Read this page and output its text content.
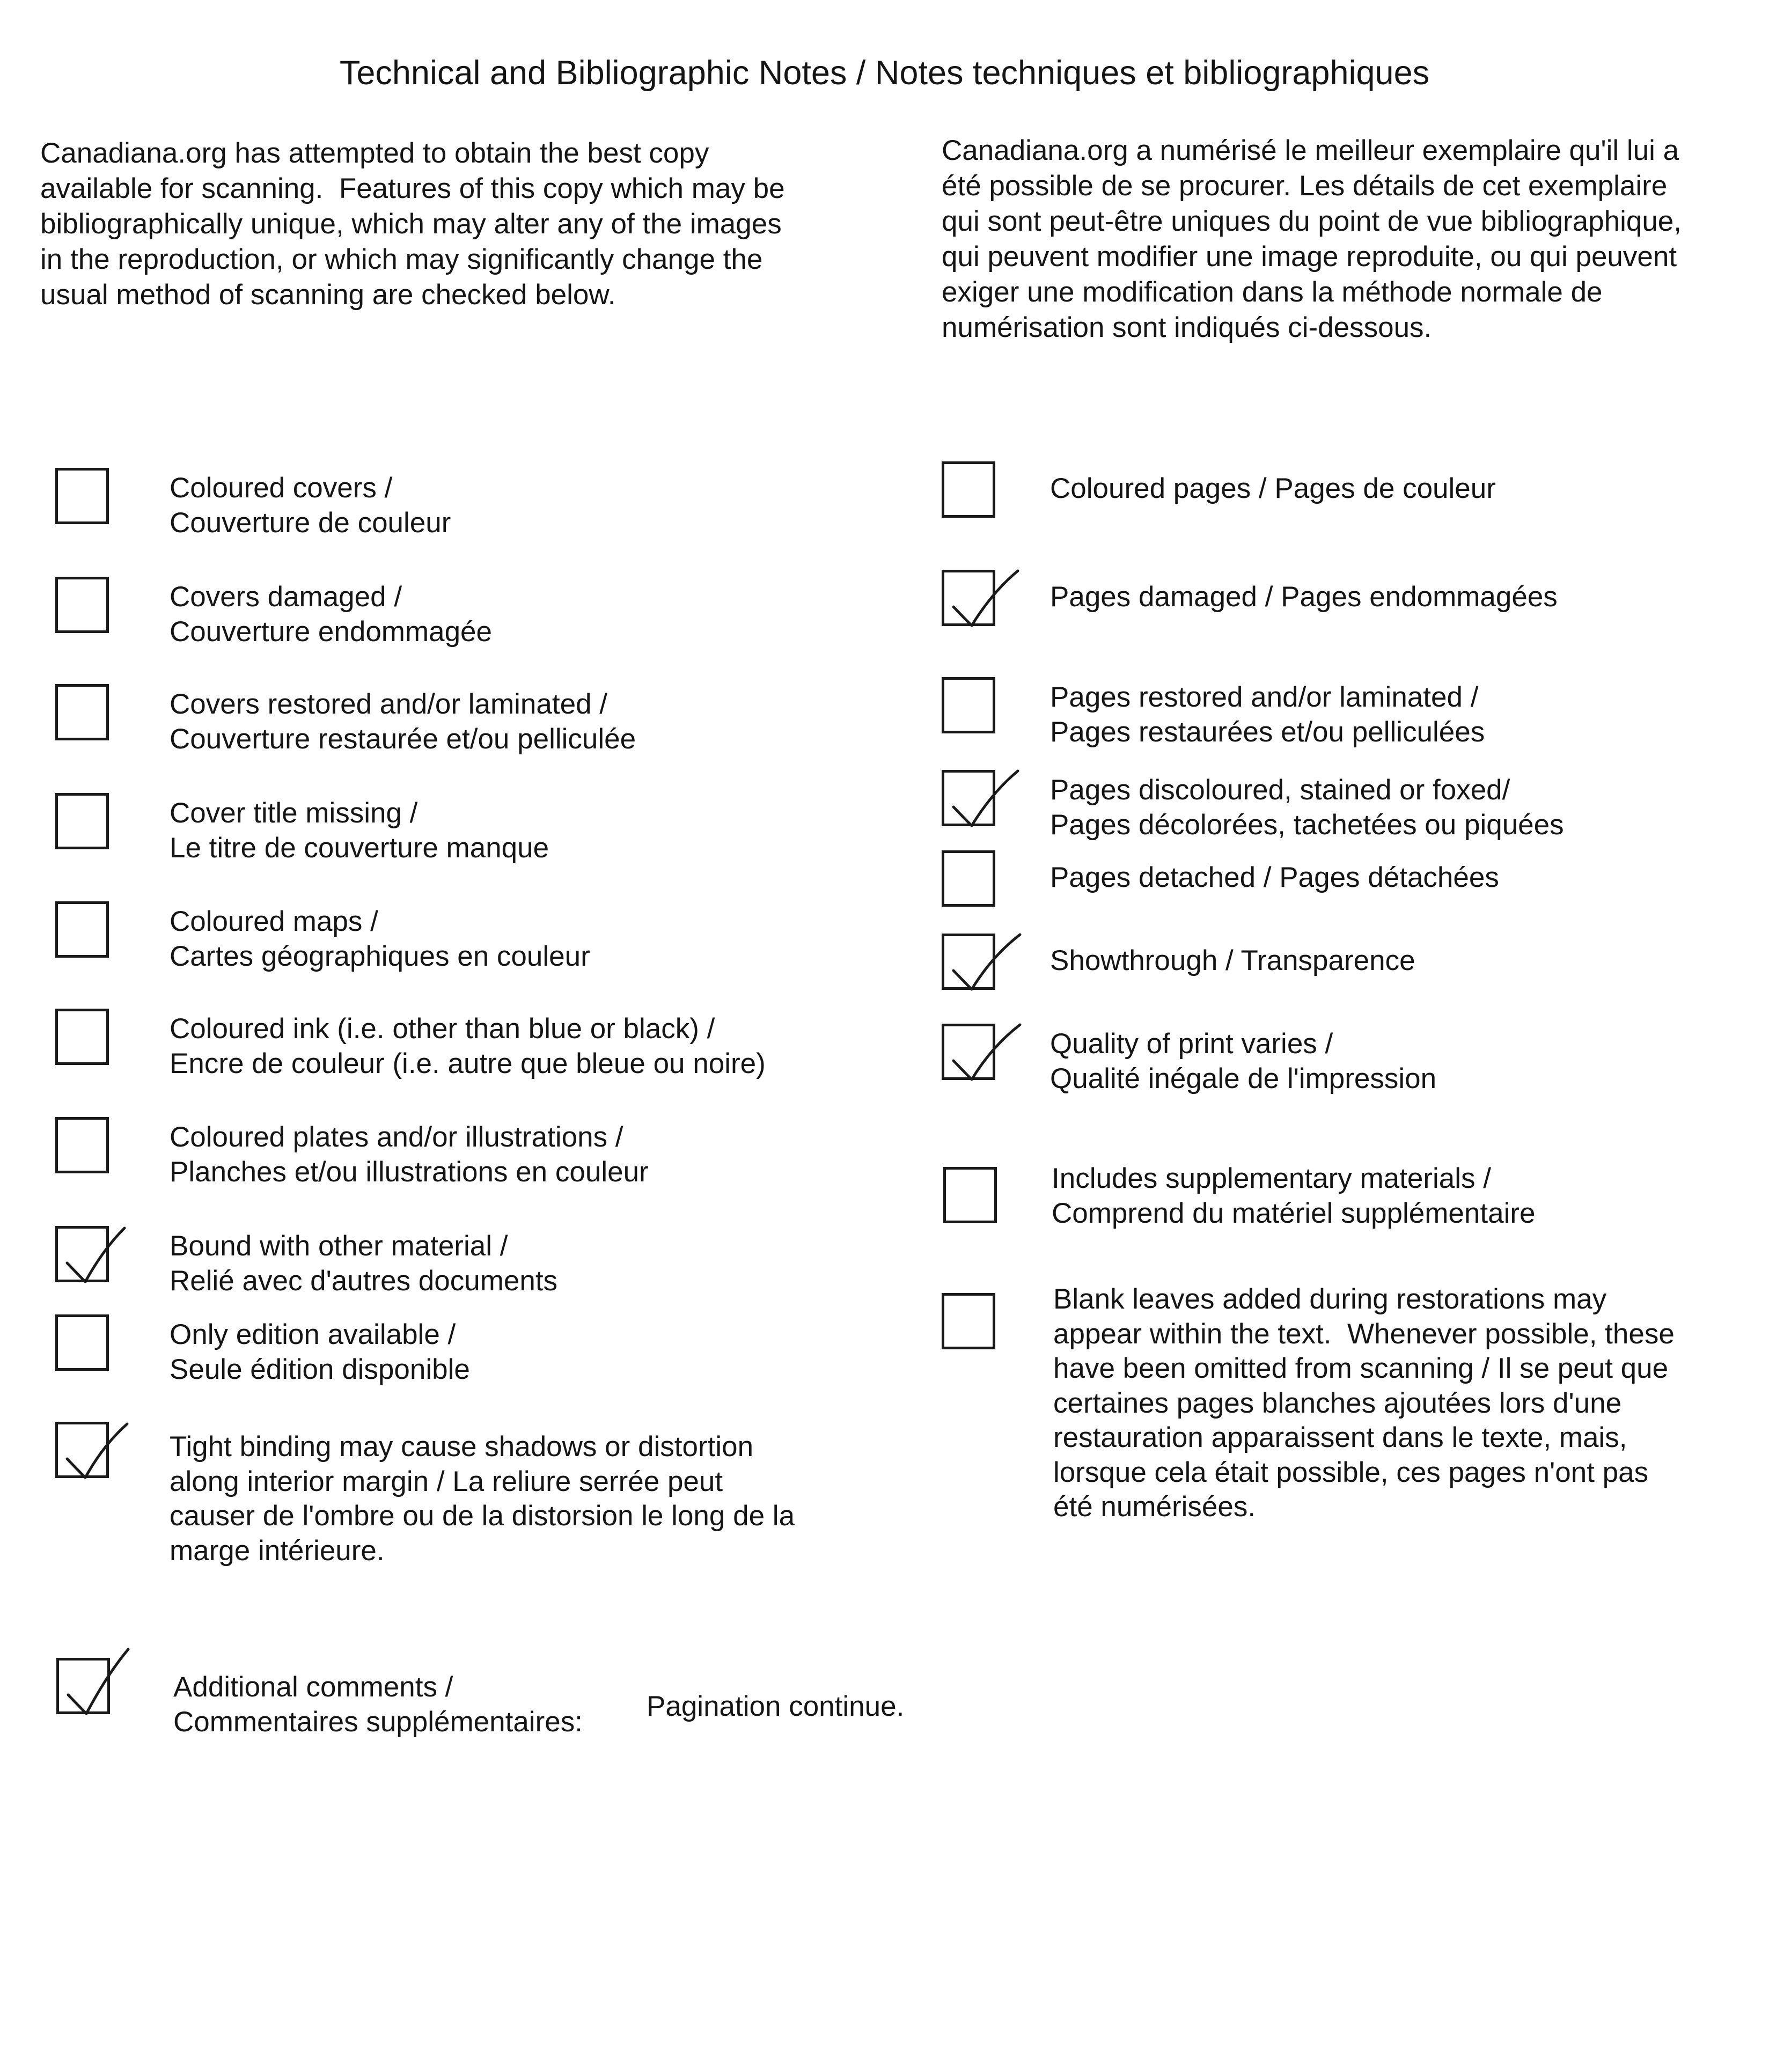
Technical and Bibliographic Notes / Notes techniques et bibliographiques
Canadiana.org has attempted to obtain the best copy
available for scanning.  Features of this copy which may be
bibliographically unique, which may alter any of the images
in the reproduction, or which may significantly change the
usual method of scanning are checked below.
Canadiana.org a numérisé le meilleur exemplaire qu'il lui a
été possible de se procurer. Les détails de cet exemplaire
qui sont peut-être uniques du point de vue bibliographique,
qui peuvent modifier une image reproduite, ou qui peuvent
exiger une modification dans la méthode normale de
numérisation sont indiqués ci-dessous.
Coloured covers /
Couverture de couleur
Covers damaged /
Couverture endommagée
Covers restored and/or laminated /
Couverture restaurée et/ou pelliculée
Cover title missing /
Le titre de couverture manque
Coloured maps /
Cartes géographiques en couleur
Coloured ink (i.e. other than blue or black) /
Encre de couleur (i.e. autre que bleue ou noire)
Coloured plates and/or illustrations /
Planches et/ou illustrations en couleur
Bound with other material /
Relié avec d'autres documents
Only edition available /
Seule édition disponible
Tight binding may cause shadows or distortion
along interior margin / La reliure serrée peut
causer de l'ombre ou de la distorsion le long de la
marge intérieure.
Coloured pages / Pages de couleur
Pages damaged / Pages endommagées
Pages restored and/or laminated /
Pages restaurées et/ou pelliculées
Pages discoloured, stained or foxed/
Pages décolorées, tachetées ou piquées
Pages detached / Pages détachées
Showthrough / Transparence
Quality of print varies /
Qualité inégale de l'impression
Includes supplementary materials /
Comprend du matériel supplémentaire
Blank leaves added during restorations may
appear within the text.  Whenever possible, these
have been omitted from scanning / Il se peut que
certaines pages blanches ajoutées lors d'une
restauration apparaissent dans le texte, mais,
lorsque cela était possible, ces pages n'ont pas
été numérisées.
Additional comments /
Commentaires supplémentaires: Pagination continue.
